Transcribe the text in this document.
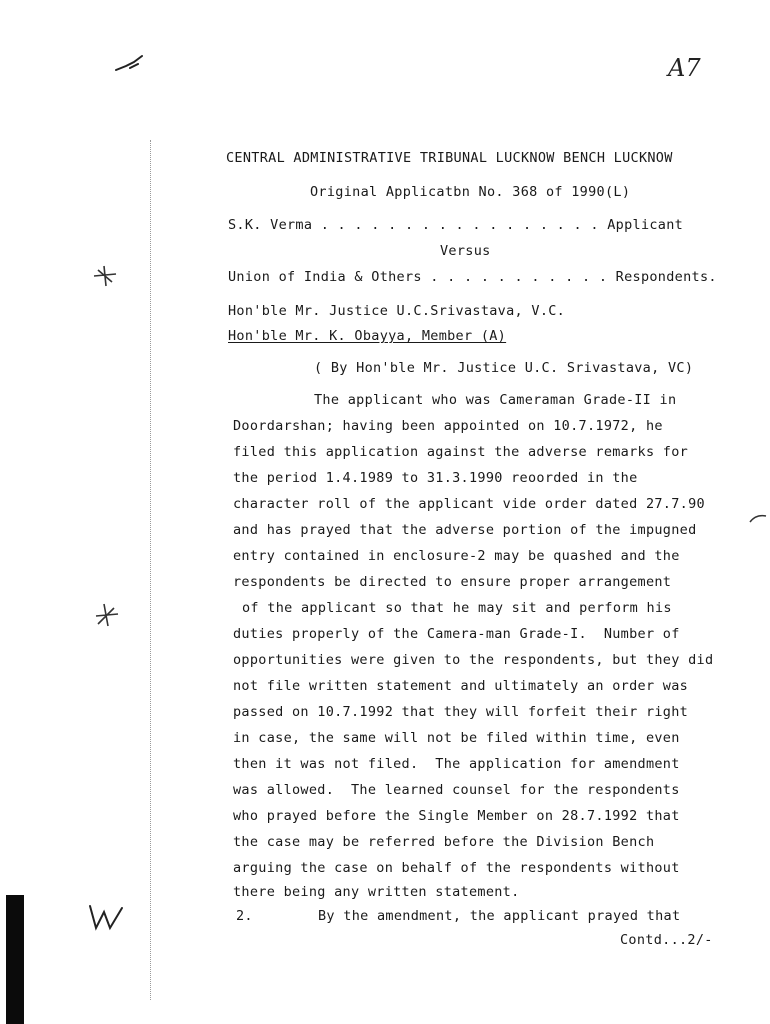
A7
CENTRAL ADMINISTRATIVE TRIBUNAL LUCKNOW BENCH LUCKNOW
Original Applicatbn No. 368 of 1990(L)
S.K. Verma . . . . . . . . . . . . . . . . . Applicant
Versus
Union of India & Others . . . . . . . . . . . Respondents.
Hon'ble Mr. Justice U.C.Srivastava, V.C.
Hon'ble Mr. K. Obayya, Member (A)
( By Hon'ble Mr. Justice U.C. Srivastava, VC)
The applicant who was Cameraman Grade-II in
Doordarshan; having been appointed on 10.7.1972, he
filed this application against the adverse remarks for
the period 1.4.1989 to 31.3.1990 reoorded in the
character roll of the applicant vide order dated 27.7.90
and has prayed that the adverse portion of the impugned
entry contained in enclosure-2 may be quashed and the
respondents be directed to ensure proper arrangement
of the applicant so that he may sit and perform his
duties properly of the Camera-man Grade-I.  Number of
opportunities were given to the respondents, but they did
not file written statement and ultimately an order was
passed on 10.7.1992 that they will forfeit their right
in case, the same will not be filed within time, even
then it was not filed.  The application for amendment
was allowed.  The learned counsel for the respondents
who prayed before the Single Member on 28.7.1992 that
the case may be referred before the Division Bench
arguing the case on behalf of the respondents without
there being any written statement.
2.	By the amendment, the applicant prayed that
Contd...2/-
